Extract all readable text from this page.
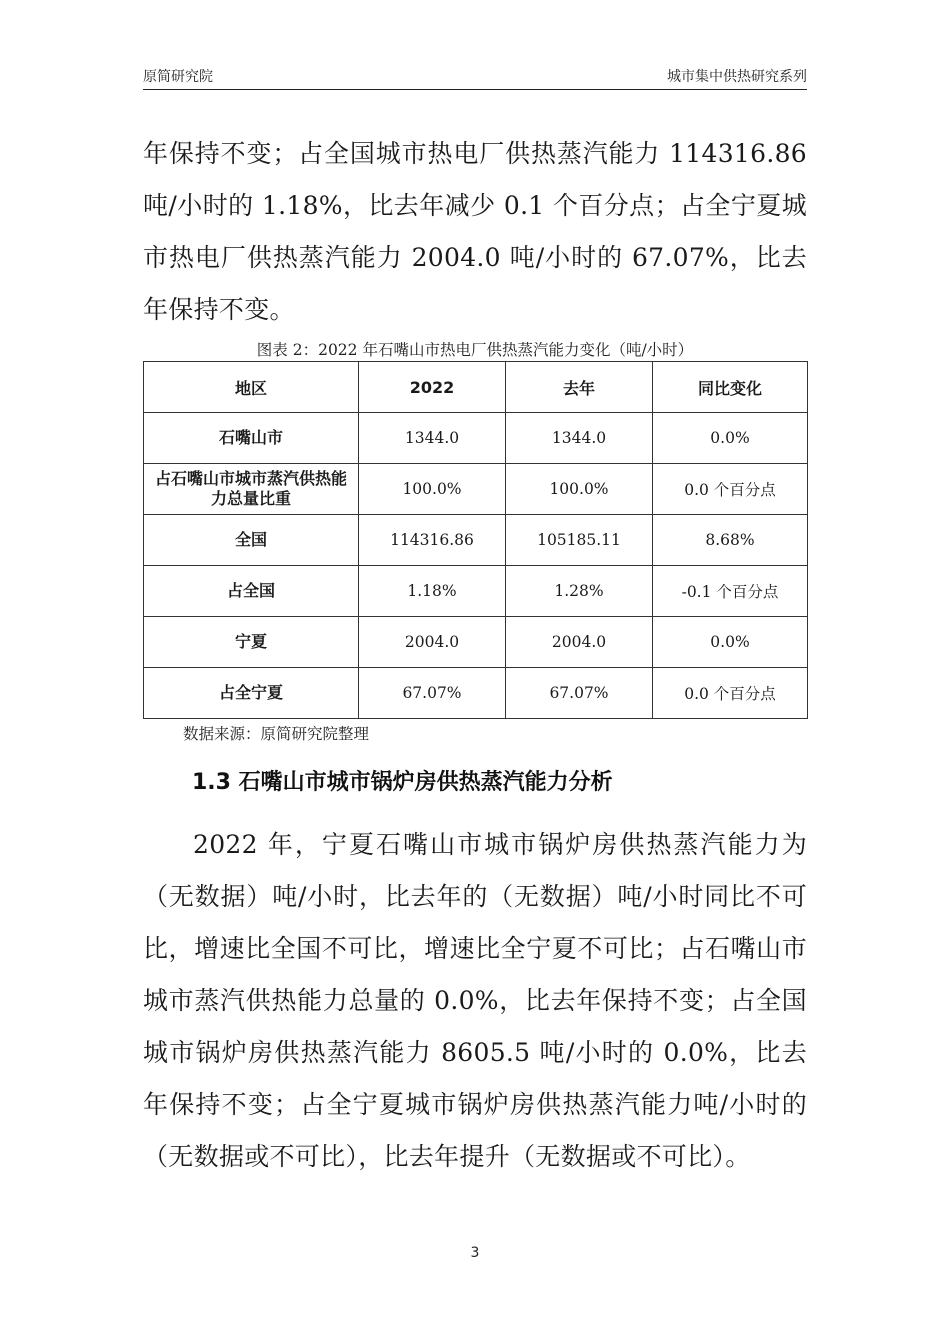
原简研究院	城市集中供热研究系列

年保持不变；占全国城市热电厂供热蒸汽能力 114316.86 吨/小时的 1.18%，比去年减少 0.1 个百分点；占全宁夏城市热电厂供热蒸汽能力 2004.0 吨/小时的 67.07%，比去年保持不变。

图表 2：2022 年石嘴山市热电厂供热蒸汽能力变化（吨/小时）
地区	2022	去年	同比变化
石嘴山市	1344.0	1344.0	0.0%
占石嘴山市城市蒸汽供热能力总量比重	100.0%	100.0%	0.0 个百分点
全国	114316.86	105185.11	8.68%
占全国	1.18%	1.28%	-0.1 个百分点
宁夏	2004.0	2004.0	0.0%
占全宁夏	67.07%	67.07%	0.0 个百分点
数据来源：原简研究院整理
1.3 石嘴山市城市锅炉房供热蒸汽能力分析

2022 年，宁夏石嘴山市城市锅炉房供热蒸汽能力为（无数据）吨/小时，比去年的（无数据）吨/小时同比不可比，增速比全国不可比，增速比全宁夏不可比；占石嘴山市城市蒸汽供热能力总量的 0.0%，比去年保持不变；占全国城市锅炉房供热蒸汽能力 8605.5 吨/小时的 0.0%，比去年保持不变；占全宁夏城市锅炉房供热蒸汽能力吨/小时的（无数据或不可比），比去年提升（无数据或不可比）。

3
